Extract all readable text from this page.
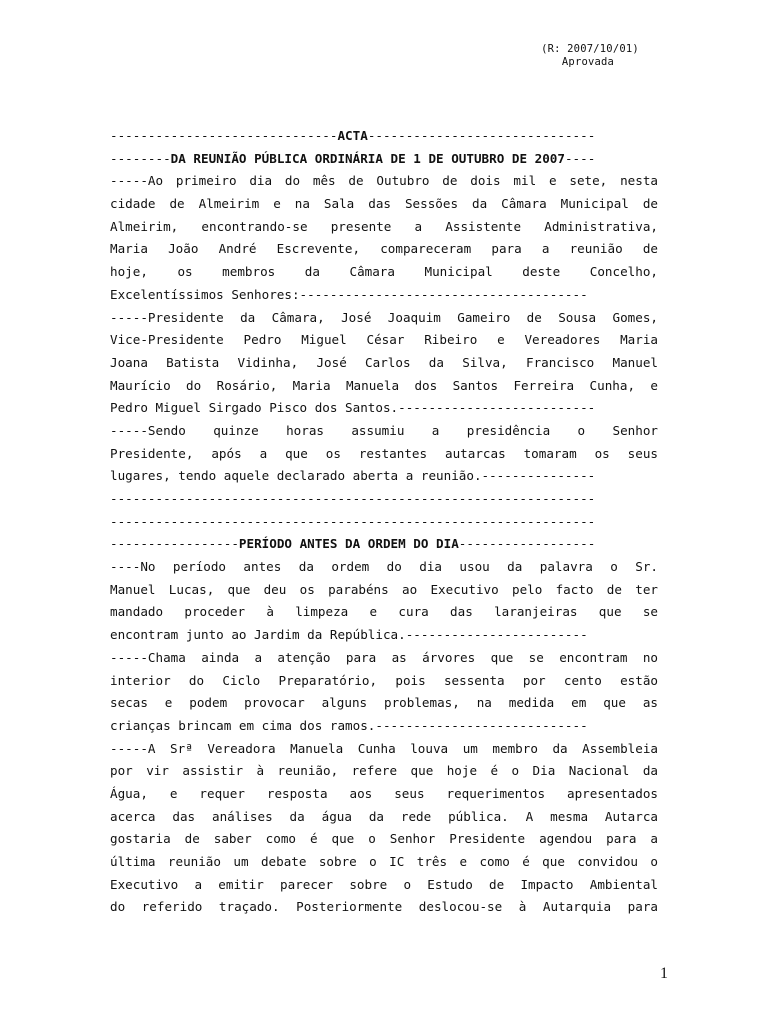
(R: 2007/10/01)
Aprovada
------------------------------ACTA------------------------------
--------DA REUNIÃO PÚBLICA ORDINÁRIA DE 1 DE OUTUBRO DE 2007----
-----Ao primeiro dia do mês de Outubro de dois mil e sete, nesta
cidade de Almeirim e na Sala das Sessões da Câmara Municipal de
Almeirim, encontrando-se presente a Assistente Administrativa,
Maria João André Escrevente, compareceram para a reunião de
hoje, os membros da Câmara Municipal deste Concelho,
Excelentíssimos Senhores:--------------------------------------
-----Presidente da Câmara, José Joaquim Gameiro de Sousa Gomes,
Vice-Presidente Pedro Miguel César Ribeiro e Vereadores Maria
Joana Batista Vidinha, José Carlos da Silva, Francisco Manuel
Maurício do Rosário, Maria Manuela dos Santos Ferreira Cunha, e
Pedro Miguel Sirgado Pisco dos Santos.--------------------------
-----Sendo quinze horas assumiu a presidência o Senhor
Presidente, após a que os restantes autarcas tomaram os seus
lugares, tendo aquele declarado aberta a reunião.---------------
----------------------------------------------------------------
----------------------------------------------------------------
-----------------PERÍODO ANTES DA ORDEM DO DIA------------------
----No período antes da ordem do dia usou da palavra o Sr.
Manuel Lucas, que deu os parabéns ao Executivo pelo facto de ter
mandado proceder à limpeza e cura das laranjeiras que se
encontram junto ao Jardim da República.------------------------
-----Chama ainda a atenção para as árvores que se encontram no
interior do Ciclo Preparatório, pois sessenta por cento estão
secas e podem provocar alguns problemas, na medida em que as
crianças brincam em cima dos ramos.----------------------------
-----A Srª Vereadora Manuela Cunha louva um membro da Assembleia
por vir assistir à reunião, refere que hoje é o Dia Nacional da
Água, e requer resposta aos seus requerimentos apresentados
acerca das análises da água da rede pública. A mesma Autarca
gostaria de saber como é que o Senhor Presidente agendou para a
última reunião um debate sobre o IC três e como é que convidou o
Executivo a emitir parecer sobre o Estudo de Impacto Ambiental
do referido traçado. Posteriormente deslocou-se à Autarquia para
1
